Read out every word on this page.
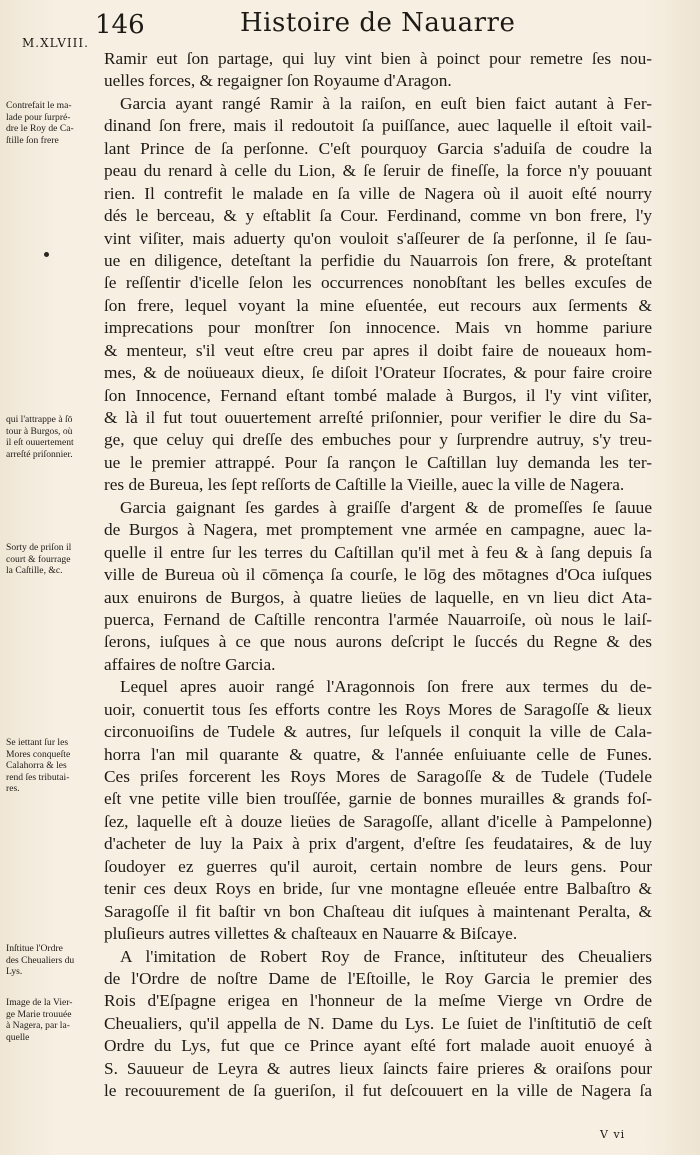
M.XLVIII.
146	Histoire de Nauarre
Ramir eut ſon partage, qui luy vint bien à poinct pour remetre ſes nou-
uelles forces, & regaigner ſon Royaume d'Aragon.
Garcia ayant rangé Ramir à la raiſon, en euſt bien faict autant à Fer-
dinand ſon frere, mais il redoutoit ſa puiſſance, auec laquelle il eſtoit vail-
lant Prince de ſa perſonne. C'eſt pourquoy Garcia s'aduiſa de coudre la
peau du renard à celle du Lion, & ſe ſeruir de fineſſe, la force n'y pouuant
rien. Il contrefit le malade en ſa ville de Nagera où il auoit eſté nourry
dés le berceau, & y eſtablit ſa Cour. Ferdinand, comme vn bon frere, l'y
vint viſiter, mais aduerty qu'on vouloit s'aſſeurer de ſa perſonne, il ſe ſau-
ue en diligence, deteſtant la perfidie du Nauarrois ſon frere, & proteſtant
ſe reſſentir d'icelle ſelon les occurrences nonobſtant les belles excuſes de
ſon frere, lequel voyant la mine eſuentée, eut recours aux ſerments &
imprecations pour monſtrer ſon innocence. Mais vn homme pariure
& menteur, s'il veut eſtre creu par apres il doibt faire de noueaux hom-
mes, & de noüueaux dieux, ſe diſoit l'Orateur Iſocrates, & pour faire croire
ſon Innocence, Fernand eſtant tombé malade à Burgos, il l'y vint viſiter,
& là il fut tout ouuertement arreſté priſonnier, pour verifier le dire du Sa-
ge, que celuy qui dreſſe des embuches pour y ſurprendre autruy, s'y treu-
ue le premier attrappé. Pour ſa rançon le Caſtillan luy demanda les ter-
res de Bureua, les ſept reſſorts de Caſtille la Vieille, auec la ville de Nagera.
Garcia gaignant ſes gardes à graiſſe d'argent & de promeſſes ſe ſauue
de Burgos à Nagera, met promptement vne armée en campagne, auec la-
quelle il entre ſur les terres du Caſtillan qu'il met à feu & à ſang depuis ſa
ville de Bureua où il cōmença ſa courſe, le lōg des mōtagnes d'Oca iuſques
aux enuirons de Burgos, à quatre lieües de laquelle, en vn lieu dict Ata-
puerca, Fernand de Caſtille rencontra l'armée Nauarroiſe, où nous le laiſ-
ſerons, iuſques à ce que nous aurons deſcript le ſuccés du Regne & des
affaires de noſtre Garcia.
Lequel apres auoir rangé l'Aragonnois ſon frere aux termes du de-
uoir, conuertit tous ſes efforts contre les Roys Mores de Saragoſſe & lieux
circonuoiſins de Tudele & autres, ſur leſquels il conquit la ville de Cala-
horra l'an mil quarante & quatre, & l'année enſuiuante celle de Funes.
Ces priſes forcerent les Roys Mores de Saragoſſe & de Tudele (Tudele
eſt vne petite ville bien trouſſée, garnie de bonnes murailles & grands foſ-
ſez, laquelle eſt à douze lieües de Saragoſſe, allant d'icelle à Pampelonne)
d'acheter de luy la Paix à prix d'argent, d'eſtre ſes feudataires, & de luy
ſoudoyer ez guerres qu'il auroit, certain nombre de leurs gens. Pour
tenir ces deux Roys en bride, ſur vne montagne eſleuée entre Balbaſtro &
Saragoſſe il fit baſtir vn bon Chaſteau dit iuſques à maintenant Peralta, &
pluſieurs autres villettes & chaſteaux en Nauarre & Biſcaye.
A l'imitation de Robert Roy de France, inſtituteur des Cheualiers
de l'Ordre de noſtre Dame de l'Eſtoille, le Roy Garcia le premier des
Rois d'Eſpagne erigea en l'honneur de la meſme Vierge vn Ordre de
Cheualiers, qu'il appella de N. Dame du Lys. Le ſuiet de l'inſtitutiō de ceſt
Ordre du Lys, fut que ce Prince ayant eſté fort malade auoit enuoyé à
S. Sauueur de Leyra & autres lieux ſaincts faire prieres & oraiſons pour
le recouurement de ſa gueriſon, il fut deſcouuert en la ville de Nagera ſa
Contrefait le ma-
lade pour ſurpré-
dre le Roy de Ca-
ſtille ſon frere
qui l'attrappe à ſō
tour à Burgos, où
il eſt ouuertement
arreſté priſonnier.
Sorty de priſon il
court & fourrage
la Caſtille, &c.
Se iettant ſur les
Mores conqueſte
Calahorra & les
rend ſes tributai-
res.
Inſtitue l'Ordre
des Cheualiers du
Lys.
Image de la Vier-
ge Marie trouuée
à Nagera, par la-
quelle
V vi
